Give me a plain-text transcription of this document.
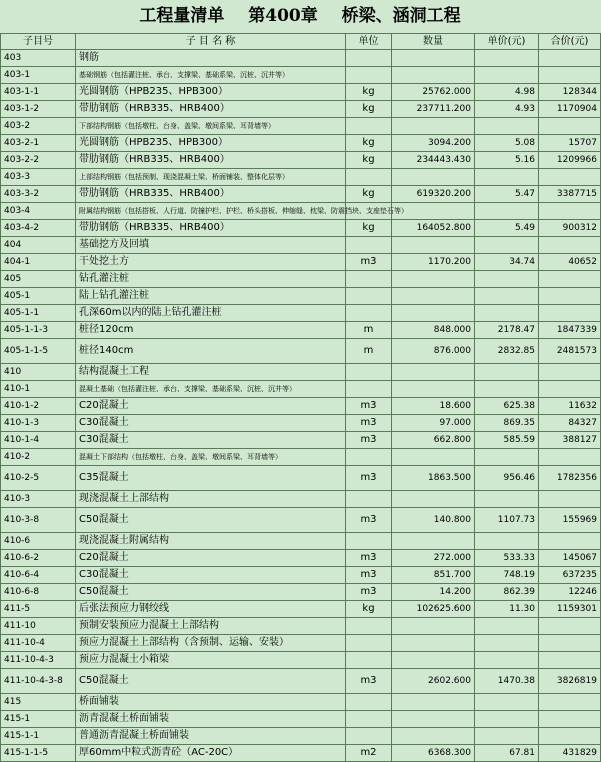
工程量清单 第400章 桥梁、涵洞工程
子目号	子 目 名 称	单位	数量	单价(元)	合价(元)
403	钢筋				
403-1	基础钢筋（包括灌注桩、承台、支撑梁、基础系梁、沉桩、沉井等）				
403-1-1	光圆钢筋（HPB235、HPB300）	kg	25762.000	4.98	128344
403-1-2	带肋钢筋（HRB335、HRB400）	kg	237711.200	4.93	1170904
403-2	下部结构钢筋（包括墩柱、台身、盖梁、墩间系梁、耳背墙等）				
403-2-1	光圆钢筋（HPB235、HPB300）	kg	3094.200	5.08	15707
403-2-2	带肋钢筋（HRB335、HRB400）	kg	234443.430	5.16	1209966
403-3	上部结构钢筋（包括预制、现浇混凝土梁、桥面铺装、整体化层等）				
403-3-2	带肋钢筋（HRB335、HRB400）	kg	619320.200	5.47	3387715
403-4	附属结构钢筋（包括搭板、人行道、防撞护栏、护栏、桥头搭板、伸缩缝、枕梁、防震挡块、支座垫石等）				
403-4-2	带肋钢筋（HRB335、HRB400）	kg	164052.800	5.49	900312
404	基础挖方及回填				
404-1	干处挖土方	m3	1170.200	34.74	40652
405	钻孔灌注桩				
405-1	陆上钻孔灌注桩				
405-1-1	孔深60m以内的陆上钻孔灌注桩				
405-1-1-3	桩径120cm	m	848.000	2178.47	1847339
405-1-1-5	桩径140cm	m	876.000	2832.85	2481573
410	结构混凝土工程				
410-1	混凝土基础（包括灌注桩、承台、支撑梁、基础系梁、沉桩、沉井等）				
410-1-2	C20混凝土	m3	18.600	625.38	11632
410-1-3	C30混凝土	m3	97.000	869.35	84327
410-1-4	C30混凝土	m3	662.800	585.59	388127
410-2	混凝土下部结构（包括墩柱、台身、盖梁、墩间系梁、耳背墙等）				
410-2-5	C35混凝土	m3	1863.500	956.46	1782356
410-3	现浇混凝土上部结构				
410-3-8	C50混凝土	m3	140.800	1107.73	155969
410-6	现浇混凝土附属结构				
410-6-2	C20混凝土	m3	272.000	533.33	145067
410-6-4	C30混凝土	m3	851.700	748.19	637235
410-6-8	C50混凝土	m3	14.200	862.39	12246
411-5	后张法预应力钢绞线	kg	102625.600	11.30	1159301
411-10	预制安装预应力混凝土上部结构				
411-10-4	预应力混凝土上部结构（含预制、运输、安装）				
411-10-4-3	预应力混凝土小箱梁				
411-10-4-3-8	C50混凝土	m3	2602.600	1470.38	3826819
415	桥面铺装				
415-1	沥青混凝土桥面铺装				
415-1-1	普通沥青混凝土桥面铺装				
415-1-1-5	厚60mm中粒式沥青砼（AC-20C）	m2	6368.300	67.81	431829
